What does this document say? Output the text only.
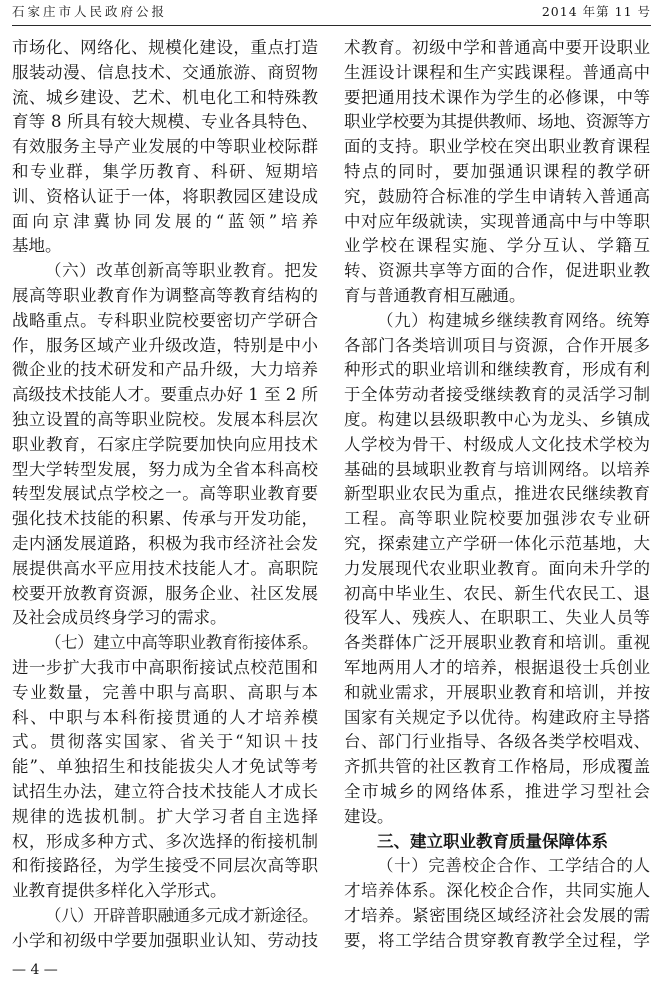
石家庄市人民政府公报	2014 年第 11 号
市场化、网络化、规模化建设，重点打造
服装动漫、信息技术、交通旅游、商贸物
流、城乡建设、艺术、机电化工和特殊教
育等 8 所具有较大规模、专业各具特色、
有效服务主导产业发展的中等职业校际群
和专业群，集学历教育、科研、短期培
训、资格认证于一体，将职教园区建设成
面向京津冀协同发展的“蓝领”培养
基地。
（六）改革创新高等职业教育。把发
展高等职业教育作为调整高等教育结构的
战略重点。专科职业院校要密切产学研合
作，服务区域产业升级改造，特别是中小
微企业的技术研发和产品升级，大力培养
高级技术技能人才。要重点办好 1 至 2 所
独立设置的高等职业院校。发展本科层次
职业教育，石家庄学院要加快向应用技术
型大学转型发展，努力成为全省本科高校
转型发展试点学校之一。高等职业教育要
强化技术技能的积累、传承与开发功能，
走内涵发展道路，积极为我市经济社会发
展提供高水平应用技术技能人才。高职院
校要开放教育资源，服务企业、社区发展
及社会成员终身学习的需求。
（七）建立中高等职业教育衔接体系。
进一步扩大我市中高职衔接试点校范围和
专业数量，完善中职与高职、高职与本
科、中职与本科衔接贯通的人才培养模
式。贯彻落实国家、省关于“知识＋技
能”、单独招生和技能拔尖人才免试等考
试招生办法，建立符合技术技能人才成长
规律的选拔机制。扩大学习者自主选择
权，形成多种方式、多次选择的衔接机制
和衔接路径，为学生接受不同层次高等职
业教育提供多样化入学形式。
（八）开辟普职融通多元成才新途径。
小学和初级中学要加强职业认知、劳动技
术教育。初级中学和普通高中要开设职业
生涯设计课程和生产实践课程。普通高中
要把通用技术课作为学生的必修课，中等
职业学校要为其提供教师、场地、资源等方
面的支持。职业学校在突出职业教育课程
特点的同时，要加强通识课程的教学研
究，鼓励符合标准的学生申请转入普通高
中对应年级就读，实现普通高中与中等职
业学校在课程实施、学分互认、学籍互
转、资源共享等方面的合作，促进职业教
育与普通教育相互融通。
（九）构建城乡继续教育网络。统筹
各部门各类培训项目与资源，合作开展多
种形式的职业培训和继续教育，形成有利
于全体劳动者接受继续教育的灵活学习制
度。构建以县级职教中心为龙头、乡镇成
人学校为骨干、村级成人文化技术学校为
基础的县域职业教育与培训网络。以培养
新型职业农民为重点，推进农民继续教育
工程。高等职业院校要加强涉农专业研
究，探索建立产学研一体化示范基地，大
力发展现代农业职业教育。面向未升学的
初高中毕业生、农民、新生代农民工、退
役军人、残疾人、在职职工、失业人员等
各类群体广泛开展职业教育和培训。重视
军地两用人才的培养，根据退役士兵创业
和就业需求，开展职业教育和培训，并按
国家有关规定予以优待。构建政府主导搭
台、部门行业指导、各级各类学校唱戏、
齐抓共管的社区教育工作格局，形成覆盖
全市城乡的网络体系，推进学习型社会
建设。
三、建立职业教育质量保障体系
（十）完善校企合作、工学结合的人
才培养体系。深化校企合作，共同实施人
才培养。紧密围绕区域经济社会发展的需
要，将工学结合贯穿教育教学全过程，学
— 4 —
